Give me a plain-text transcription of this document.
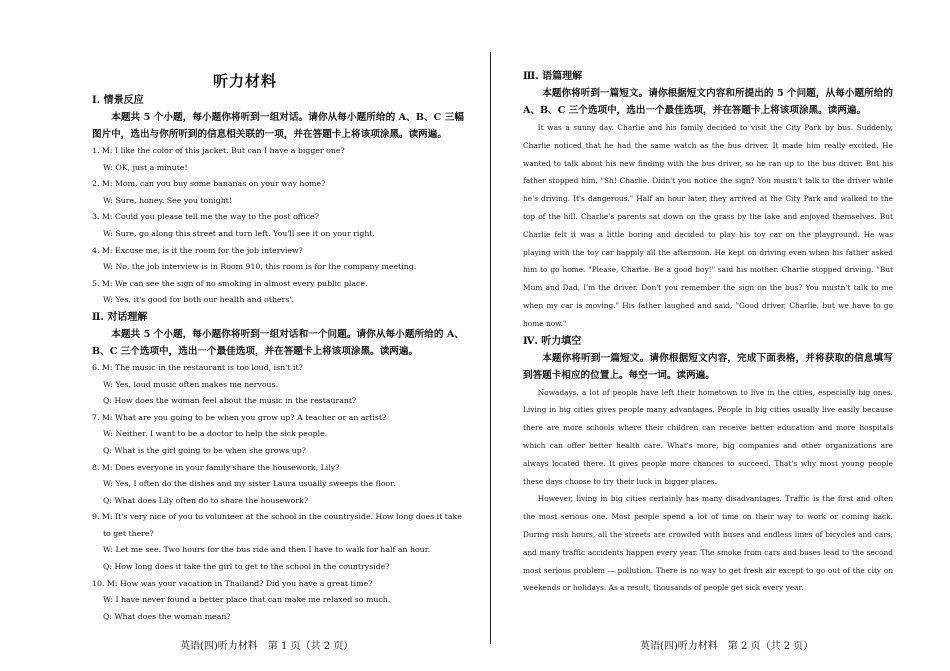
听力材料
Ⅰ. 情景反应
本题共 5 个小题，每小题你将听到一组对话。请你从每小题所给的 A、B、C 三幅图片中，选出与你所听到的信息相关联的一项，并在答题卡上将该项涂黑。读两遍。
1. M: I like the color of this jacket. But can I have a bigger one?
W: OK, just a minute!
2. M: Mom, can you buy some bananas on your way home?
W: Sure, honey. See you tonight!
3. M: Could you please tell me the way to the post office?
W: Sure, go along this street and turn left. You'll see it on your right.
4. M: Excuse me, is it the room for the job interview?
W: No, the job interview is in Room 910, this room is for the company meeting.
5. M: We can see the sign of no smoking in almost every public place.
W: Yes, it's good for both our health and others'.
Ⅱ. 对话理解
本题共 5 个小题，每小题你将听到一组对话和一个问题。请你从每小题所给的 A、B、C 三个选项中，选出一个最佳选项，并在答题卡上将该项涂黑。读两遍。
6. M: The music in the restaurant is too loud, isn't it?
W: Yes, loud music often makes me nervous.
Q: How does the woman feel about the music in the restaurant?
7. M: What are you going to be when you grow up? A teacher or an artist?
W: Neither. I want to be a doctor to help the sick people.
Q: What is the girl going to be when she grows up?
8. M: Does everyone in your family share the housework, Lily?
W: Yes, I often do the dishes and my sister Laura usually sweeps the floor.
Q: What does Lily often do to share the housework?
9. M: It's very nice of you to volunteer at the school in the countryside. How long does it take to get there?
W: Let me see. Two hours for the bus ride and then I have to walk for half an hour.
Q: How long does it take the girl to get to the school in the countryside?
10. M: How was your vacation in Thailand? Did you have a great time?
W: I have never found a better place that can make me relaxed so much.
Q: What does the woman mean?
英语(四)听力材料　第 1 页（共 2 页）
Ⅲ. 语篇理解
本题你将听到一篇短文。请你根据短文内容和所提出的 5 个问题，从每小题所给的 A、B、C 三个选项中，选出一个最佳选项，并在答题卡上将该项涂黑。读两遍。
It was a sunny day. Charlie and his family decided to visit the City Park by bus. Suddenly, Charlie noticed that he had the same watch as the bus driver. It made him really excited. He wanted to talk about his new finding with the bus driver, so he ran up to the bus driver. But his father stopped him, "Sh! Charlie. Didn't you notice the sign? You mustn't talk to the driver while he's driving. It's dangerous." Half an hour later, they arrived at the City Park and walked to the top of the hill. Charlie's parents sat down on the grass by the lake and enjoyed themselves. But Charlie felt it was a little boring and decided to play his toy car on the playground. He was playing with the toy car happily all the afternoon. He kept on driving even when his father asked him to go home. "Please, Charlie. Be a good boy!" said his mother. Charlie stopped driving. "But Mum and Dad, I'm the driver. Don't you remember the sign on the bus? You mustn't talk to me when my car is moving." His father laughed and said, "Good driver, Charlie, but we have to go home now."
Ⅳ. 听力填空
本题你将听到一篇短文。请你根据短文内容，完成下面表格，并将获取的信息填写到答题卡相应的位置上。每空一词。读两遍。
Nowadays, a lot of people have left their hometown to live in the cities, especially big ones. Living in big cities gives people many advantages. People in big cities usually live easily because there are more schools where their children can receive better education and more hospitals which can offer better health care. What's more, big companies and other organizations are always located there. It gives people more chances to succeed. That's why most young people these days choose to try their luck in bigger places.
However, living in big cities certainly has many disadvantages. Traffic is the first and often the most serious one. Most people spend a lot of time on their way to work or coming back. During rush hours, all the streets are crowded with buses and endless lines of bicycles and cars, and many traffic accidents happen every year. The smoke from cars and buses lead to the second most serious problem — pollution. There is no way to get fresh air except to go out of the city on weekends or holidays. As a result, thousands of people get sick every year.
英语(四)听力材料　第 2 页（共 2 页）
